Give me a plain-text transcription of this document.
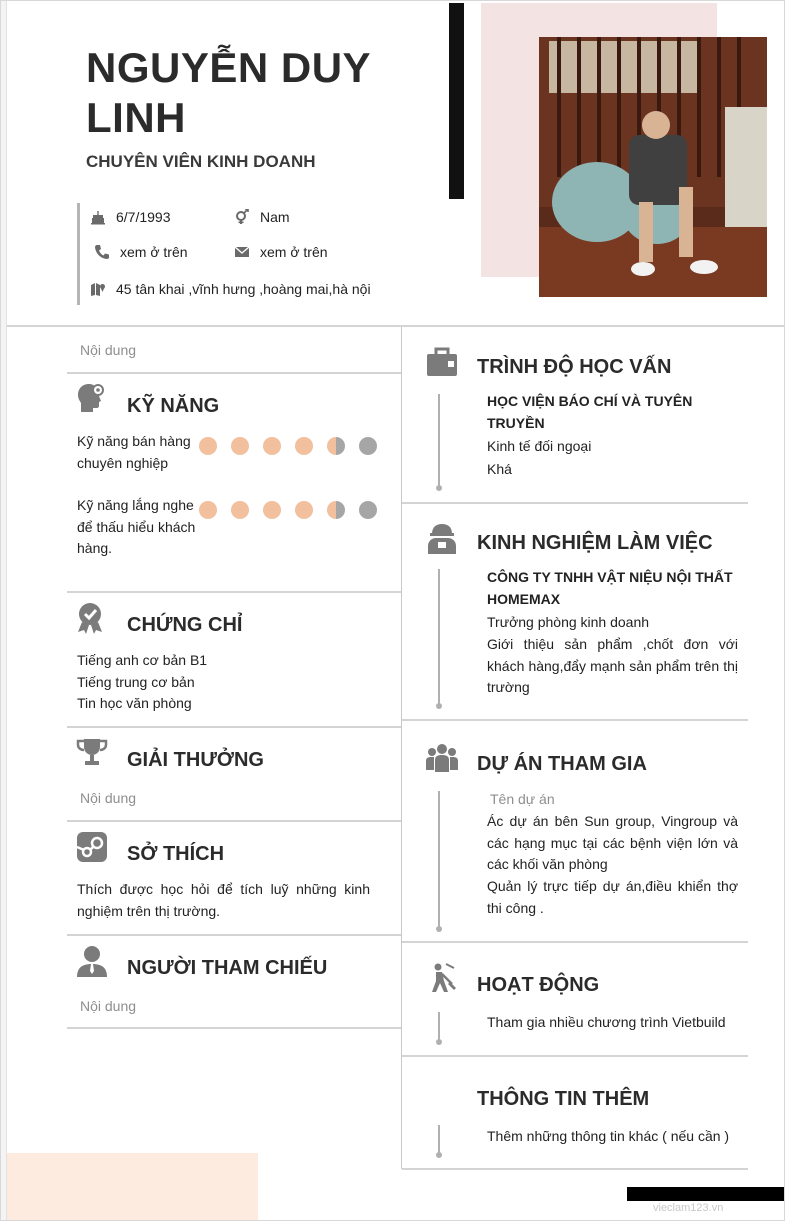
NGUYỄN DUY LINH
CHUYÊN VIÊN KINH DOANH
6/7/1993	Nam
xem ở trên	xem ở trên
45 tân khai ,vĩnh hưng ,hoàng mai,hà nội
Nội dung
KỸ NĂNG
Kỹ năng bán hàng chuyên nghiệp
Kỹ năng lắng nghe để thấu hiểu khách hàng.
CHỨNG CHỈ
Tiếng anh cơ bản B1
Tiếng trung cơ bản
Tin học văn phòng
GIẢI THƯỞNG
Nội dung
SỞ THÍCH
Thích được học hỏi để tích luỹ những kinh nghiệm trên thị trường.
NGƯỜI THAM CHIẾU
Nội dung
TRÌNH ĐỘ HỌC VẤN
HỌC VIỆN BÁO CHÍ VÀ TUYÊN TRUYỀN
Kinh tế đối ngoại
Khá
KINH NGHIỆM LÀM VIỆC
CÔNG TY TNHH VẬT NIỆU NỘI THẤT HOMEMAX
Trưởng phòng kinh doanh
Giới thiệu sản phẩm ,chốt đơn với khách hàng,đẩy mạnh sản phẩm trên thị trường
DỰ ÁN THAM GIA
Tên dự án
Ác dự án bên Sun group, Vingroup và các hạng mục tại các bệnh viện lớn và các khối văn phòng
Quản lý trực tiếp dự án,điều khiển thợ thi công .
HOẠT ĐỘNG
Tham gia nhiều chương trình Vietbuild
THÔNG TIN THÊM
Thêm những thông tin khác ( nếu cần )
vieclam123.vn
